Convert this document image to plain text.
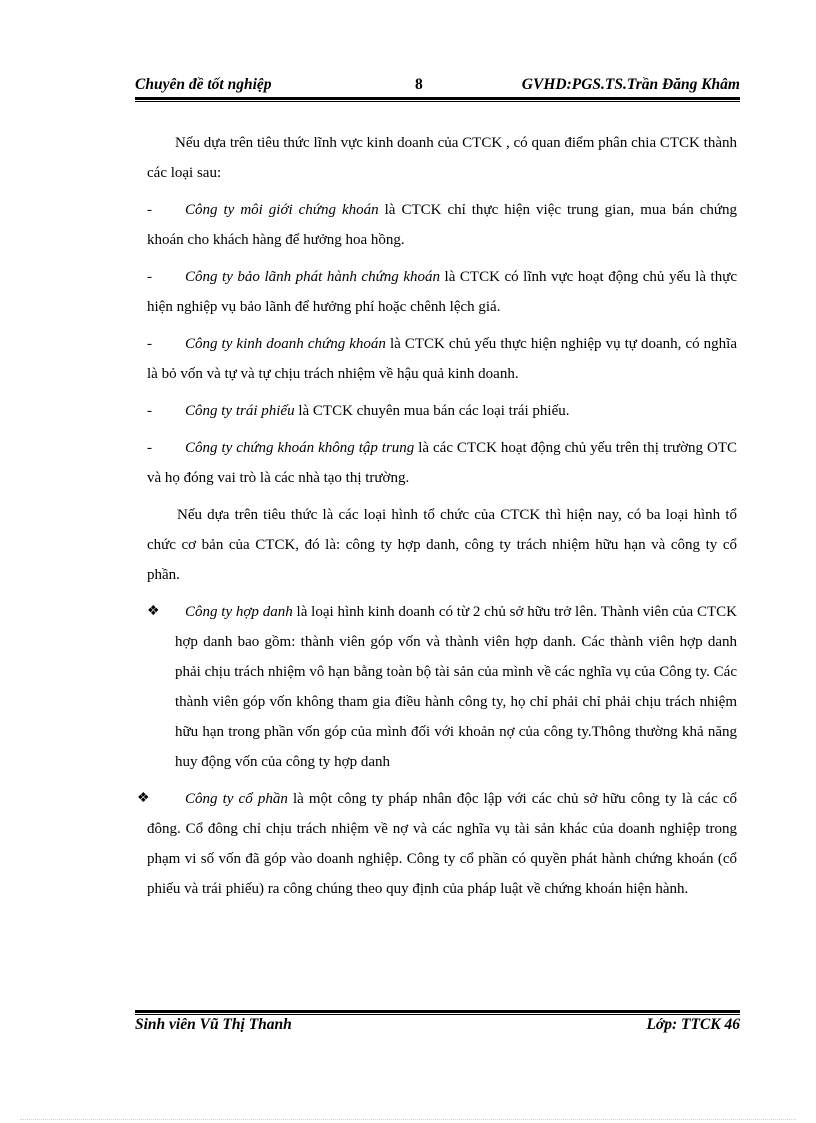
Chuyên đề tốt nghiệp	8	GVHD:PGS.TS.Trần Đăng Khâm

Nếu dựa trên tiêu thức lĩnh vực kinh doanh của CTCK , có quan điểm phân chia CTCK thành các loại sau:

- Công ty môi giới chứng khoán là CTCK chỉ thực hiện việc trung gian, mua bán chứng khoán cho khách hàng để hưởng hoa hồng.

- Công ty bảo lãnh phát hành chứng khoán là CTCK có lĩnh vực hoạt động chủ yếu là thực hiện nghiệp vụ bảo lãnh để hưởng phí hoặc chênh lệch giá.

- Công ty kinh doanh chứng khoán là CTCK chủ yếu thực hiện nghiệp vụ tự doanh, có nghĩa là bỏ vốn và tự và tự chịu trách nhiệm về hậu quả kinh doanh.

- Công ty trái phiếu là CTCK chuyên mua bán các loại trái phiếu.

- Công ty chứng khoán không tập trung là các CTCK hoạt động chủ yếu trên thị trường OTC và họ đóng vai trò là các nhà tạo thị trường.

Nếu dựa trên tiêu thức là các loại hình tổ chức của CTCK thì hiện nay, có ba loại hình tổ chức cơ bản của CTCK, đó là: công ty hợp danh, công ty trách nhiệm hữu hạn và công ty cổ phần.

❖ Công ty hợp danh là loại hình kinh doanh có từ 2 chủ sở hữu trở lên. Thành viên của CTCK hợp danh bao gồm: thành viên góp vốn và thành viên hợp danh. Các thành viên hợp danh phải chịu trách nhiệm vô hạn bằng toàn bộ tài sản của mình về các nghĩa vụ của Công ty. Các thành viên góp vốn không tham gia điều hành công ty, họ chỉ phải chỉ phải chịu trách nhiệm hữu hạn trong phần vốn góp của mình đối với khoản nợ của công ty.Thông thường khả năng huy động vốn của công ty hợp danh

❖ Công ty cổ phần là một công ty pháp nhân độc lập với các chủ sở hữu công ty là các cổ đông. Cổ đông chỉ chịu trách nhiệm về nợ và các nghĩa vụ tài sản khác của doanh nghiệp trong phạm vi số vốn đã góp vào doanh nghiệp. Công ty cổ phần có quyền phát hành chứng khoán (cổ phiếu và trái phiếu) ra công chúng theo quy định của pháp luật về chứng khoán hiện hành.

Sinh viên Vũ Thị Thanh	Lớp: TTCK 46
